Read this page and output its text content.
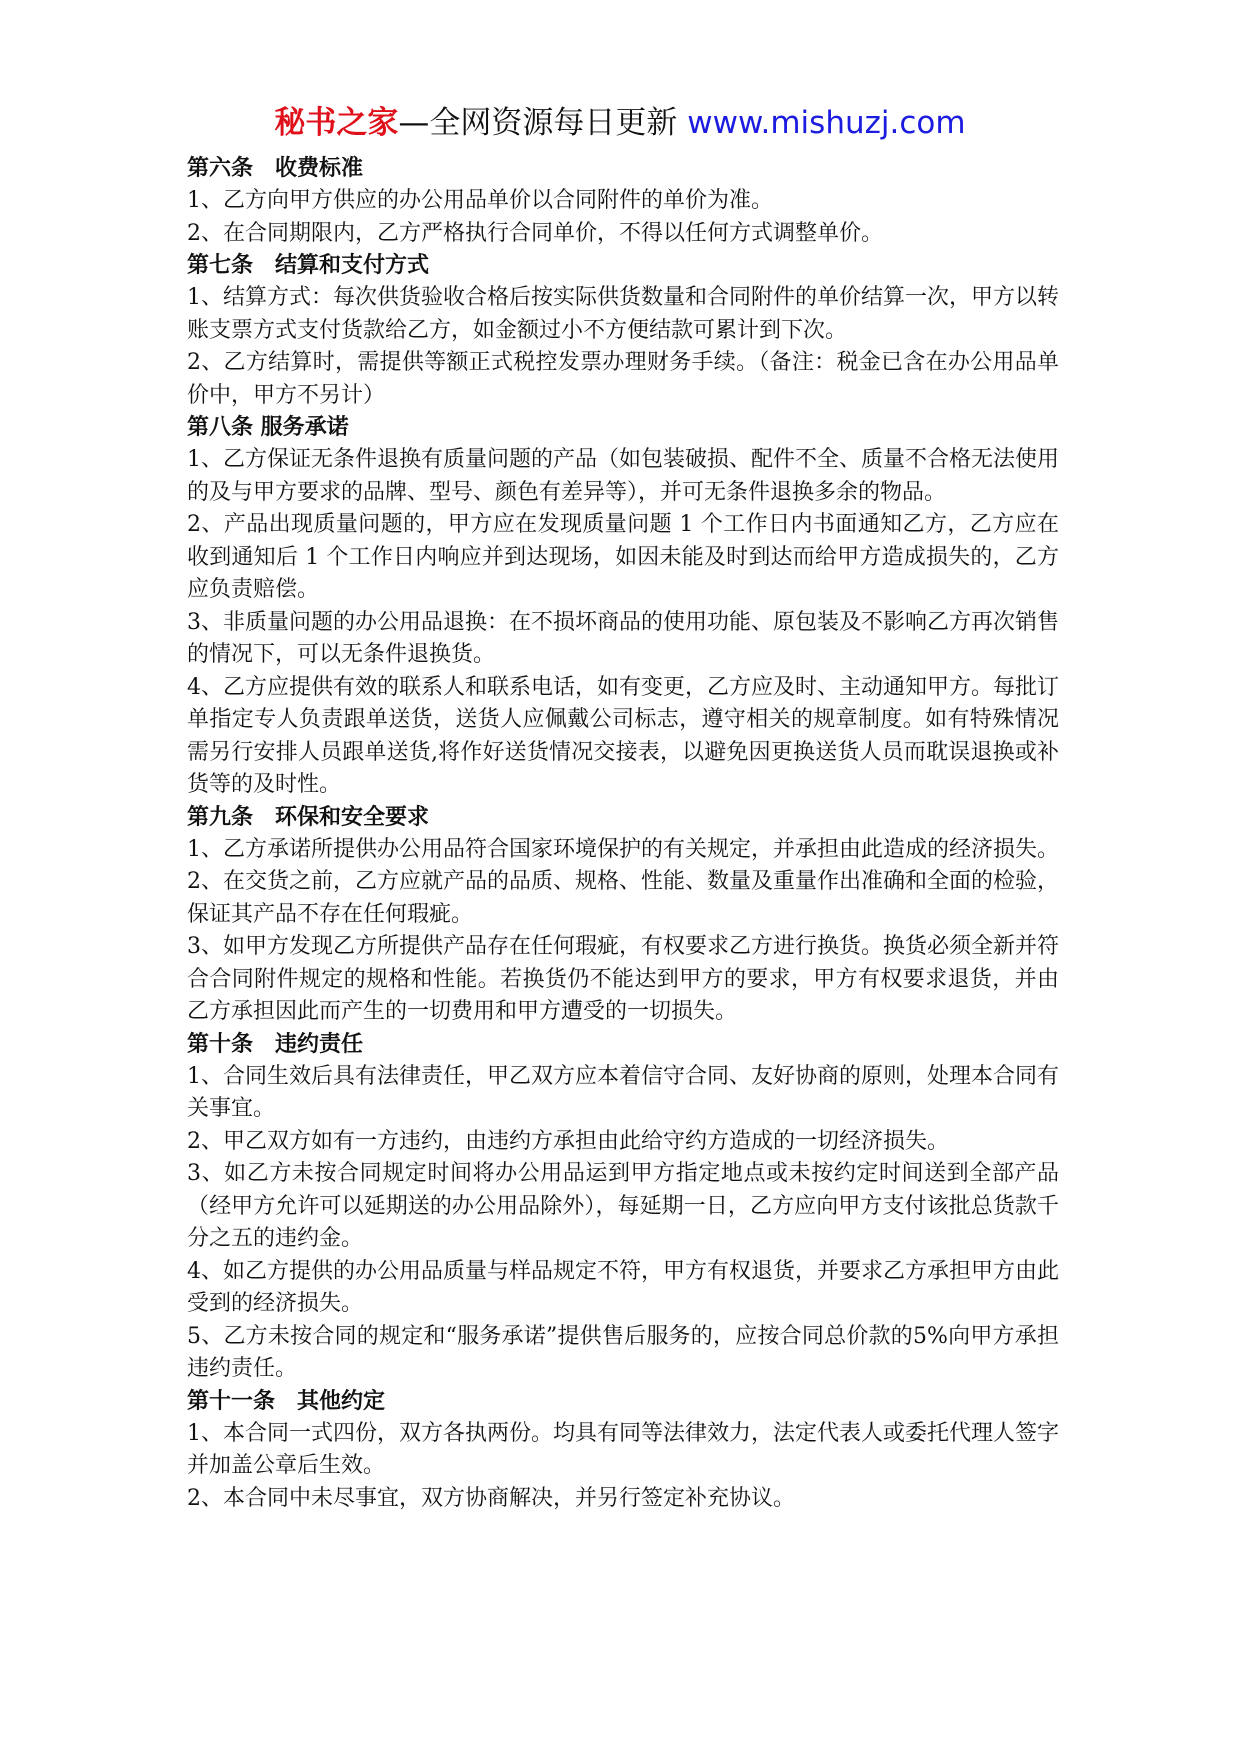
秘书之家—全网资源每日更新 www.mishuzj.com
第六条　收费标准

1、乙方向甲方供应的办公用品单价以合同附件的单价为准。

2、在合同期限内，乙方严格执行合同单价，不得以任何方式调整单价。

第七条　结算和支付方式

1、结算方式：每次供货验收合格后按实际供货数量和合同附件的单价结算一次，甲方以转账支票方式支付货款给乙方，如金额过小不方便结款可累计到下次。

2、乙方结算时，需提供等额正式税控发票办理财务手续。（备注：税金已含在办公用品单价中，甲方不另计）

第八条 服务承诺

1、乙方保证无条件退换有质量问题的产品（如包装破损、配件不全、质量不合格无法使用的及与甲方要求的品牌、型号、颜色有差异等），并可无条件退换多余的物品。

2、产品出现质量问题的，甲方应在发现质量问题 1 个工作日内书面通知乙方，乙方应在收到通知后 1 个工作日内响应并到达现场，如因未能及时到达而给甲方造成损失的，乙方应负责赔偿。

3、非质量问题的办公用品退换：在不损坏商品的使用功能、原包装及不影响乙方再次销售的情况下，可以无条件退换货。

4、乙方应提供有效的联系人和联系电话，如有变更，乙方应及时、主动通知甲方。每批订单指定专人负责跟单送货，送货人应佩戴公司标志，遵守相关的规章制度。如有特殊情况需另行安排人员跟单送货,将作好送货情况交接表，以避免因更换送货人员而耽误退换或补货等的及时性。

第九条　环保和安全要求

1、乙方承诺所提供办公用品符合国家环境保护的有关规定，并承担由此造成的经济损失。

2、在交货之前，乙方应就产品的品质、规格、性能、数量及重量作出准确和全面的检验，保证其产品不存在任何瑕疵。

3、如甲方发现乙方所提供产品存在任何瑕疵，有权要求乙方进行换货。换货必须全新并符合合同附件规定的规格和性能。若换货仍不能达到甲方的要求，甲方有权要求退货，并由乙方承担因此而产生的一切费用和甲方遭受的一切损失。

第十条　违约责任

1、合同生效后具有法律责任，甲乙双方应本着信守合同、友好协商的原则，处理本合同有关事宜。

2、甲乙双方如有一方违约，由违约方承担由此给守约方造成的一切经济损失。

3、如乙方未按合同规定时间将办公用品运到甲方指定地点或未按约定时间送到全部产品（经甲方允许可以延期送的办公用品除外），每延期一日，乙方应向甲方支付该批总货款千分之五的违约金。

4、如乙方提供的办公用品质量与样品规定不符，甲方有权退货，并要求乙方承担甲方由此受到的经济损失。

5、乙方未按合同的规定和“服务承诺”提供售后服务的，应按合同总价款的5%向甲方承担违约责任。

第十一条　其他约定

1、本合同一式四份，双方各执两份。均具有同等法律效力，法定代表人或委托代理人签字并加盖公章后生效。

2、本合同中未尽事宜，双方协商解决，并另行签定补充协议。
